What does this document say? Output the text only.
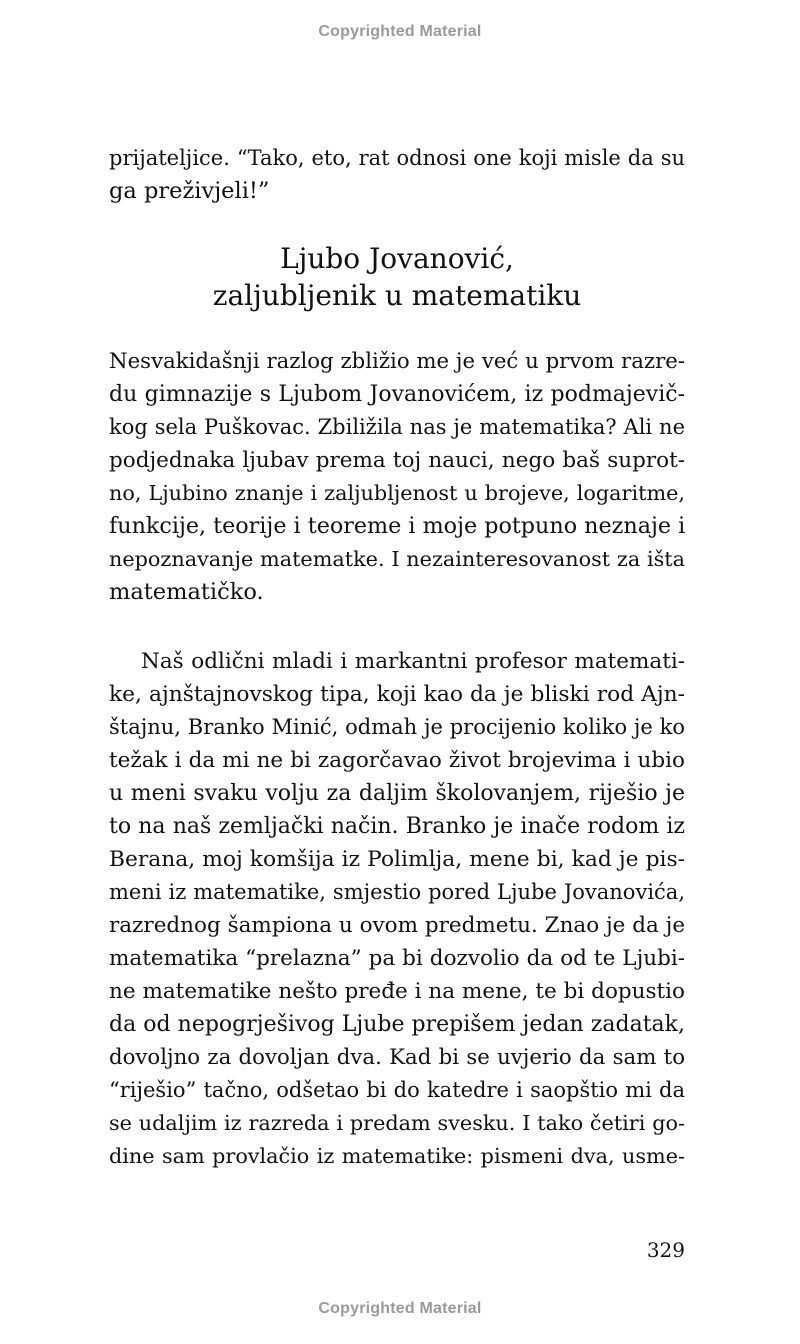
Copyrighted Material
prijateljice. “Tako, eto, rat odnosi one koji misle da su
ga preživjeli!”
Ljubo Jovanović,
zaljubljenik u matematiku
Nesvakidašnji razlog zbližio me je već u prvom razre-
du gimnazije s Ljubom Jovanovićem, iz podmajevič-
kog sela Puškovac. Zbiližila nas je matematika? Ali ne
podjednaka ljubav prema toj nauci, nego baš suprot-
no, Ljubino znanje i zaljubljenost u brojeve, logaritme,
funkcije, teorije i teoreme i moje potpuno neznaje i
nepoznavanje matematke. I nezainteresovanost za išta
matematičko.
Naš odlični mladi i markantni profesor matemati-
ke, ajnštajnovskog tipa, koji kao da je bliski rod Ajn-
štajnu, Branko Minić, odmah je procijenio koliko je ko
težak i da mi ne bi zagorčavao život brojevima i ubio
u meni svaku volju za daljim školovanjem, riješio je
to na naš zemljački način. Branko je inače rodom iz
Berana, moj komšija iz Polimlja, mene bi, kad je pis-
meni iz matematike, smjestio pored Ljube Jovanovića,
razrednog šampiona u ovom predmetu. Znao je da je
matematika “prelazna” pa bi dozvolio da od te Ljubi-
ne matematike nešto pređe i na mene, te bi dopustio
da od nepogrješivog Ljube prepišem jedan zadatak,
dovoljno za dovoljan dva. Kad bi se uvjerio da sam to
“riješio” tačno, odšetao bi do katedre i saopštio mi da
se udaljim iz razreda i predam svesku. I tako četiri go-
dine sam provlačio iz matematike: pismeni dva, usme-
329
Copyrighted Material
